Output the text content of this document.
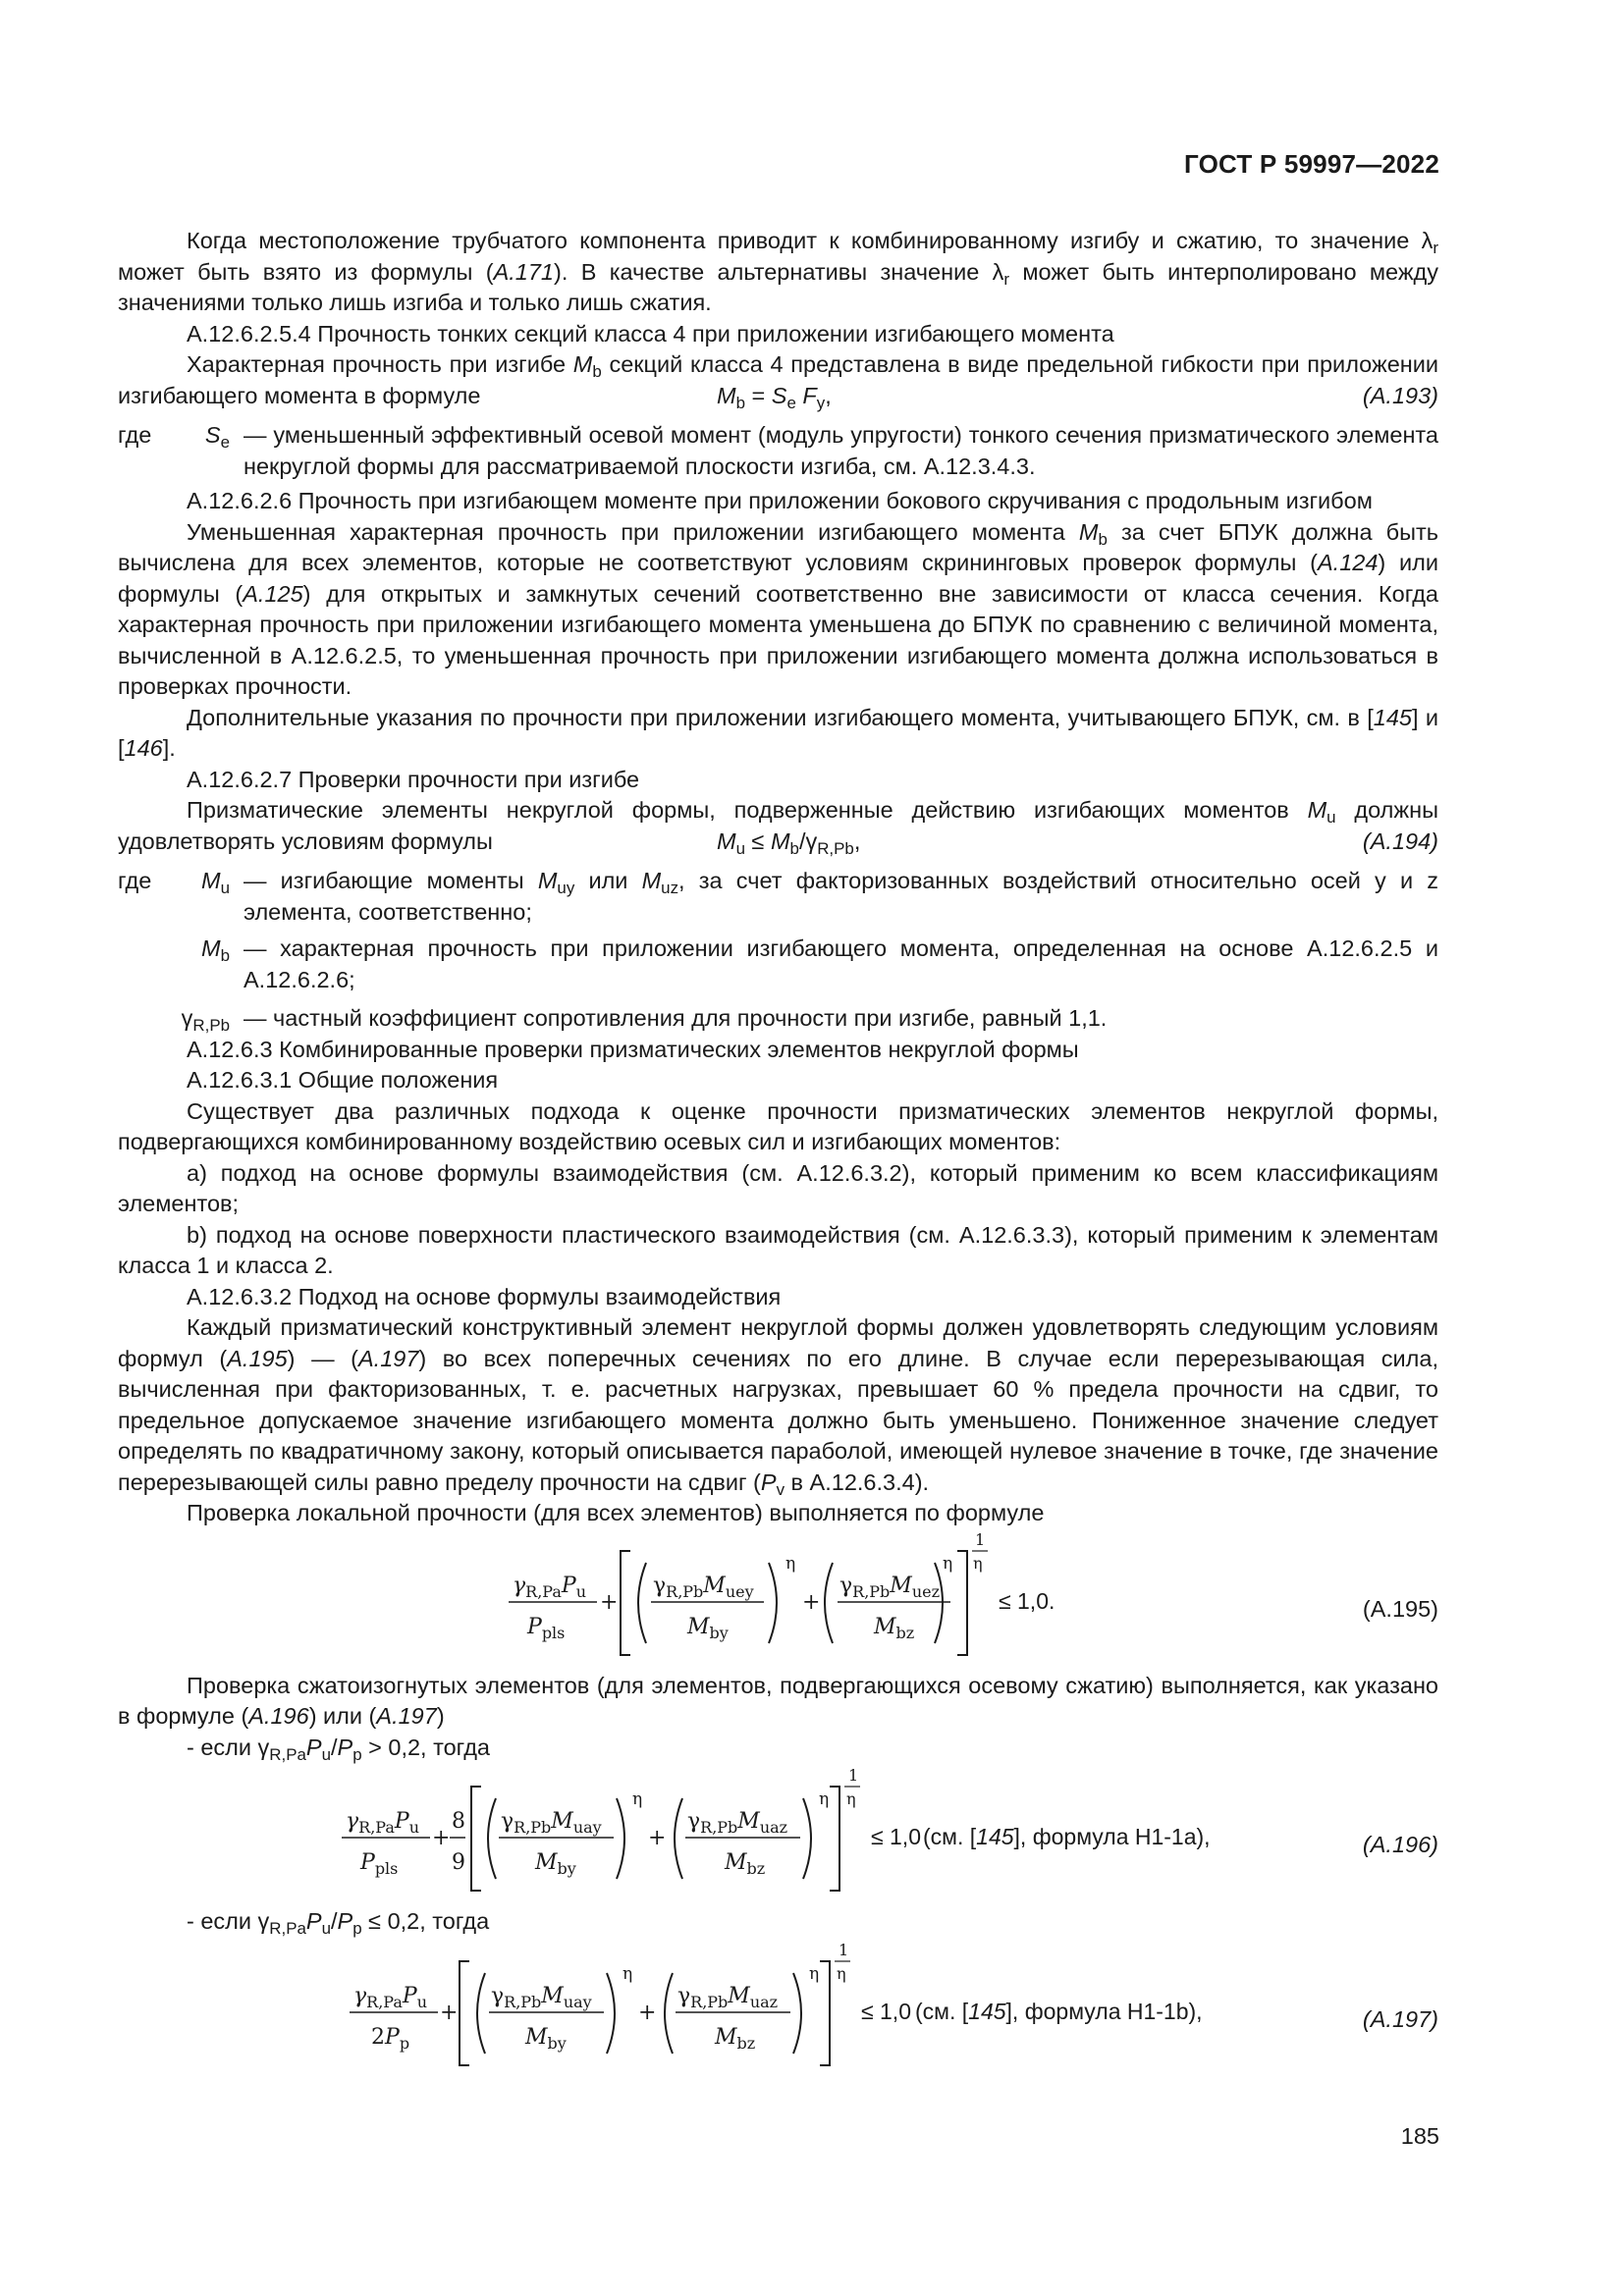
ГОСТ Р 59997—2022

Когда местоположение трубчатого компонента приводит к комбинированному изгибу и сжатию, то значение $\lambda_r$ может быть взято из формулы (A.171). В качестве альтернативы значение $\lambda_r$ может быть интерполировано между значениями только лишь изгиба и только лишь сжатия.

А.12.6.2.5.4 Прочность тонких секций класса 4 при приложении изгибающего момента

Характерная прочность при изгибе $M_b$ секций класса 4 представлена в виде предельной гибкости при приложении изгибающего момента в формуле	$M_b = S_e$ $F_y$,	(A.193)
где	$S_e$ — уменьшенный эффективный осевой момент (модуль упругости) тонкого сечения призматического элемента некруглой формы для рассматриваемой плоскости изгиба, см. А.12.3.4.3.

А.12.6.2.6 Прочность при изгибающем моменте при приложении бокового скручивания с продольным изгибом

Уменьшенная характерная прочность при приложении изгибающего момента $M_b$ за счет БПУК должна быть вычислена для всех элементов, которые не соответствуют условиям скрининговых проверок формулы (A.124) или формулы (A.125) для открытых и замкнутых сечений соответственно вне зависимости от класса сечения. Когда характерная прочность при приложении изгибающего момента уменьшена до БПУК по сравнению с величиной момента, вычисленной в А.12.6.2.5, то уменьшенная прочность при приложении изгибающего момента должна использоваться в проверках прочности.

Дополнительные указания по прочности при приложении изгибающего момента, учитывающего БПУК, см. в [145] и [146].

А.12.6.2.7 Проверки прочности при изгибе

Призматические элементы некруглой формы, подверженные действию изгибающих моментов $M_u$ должны удовлетворять условиям формулы	$M_u \le M_b/\gamma_{R,Pb}$,	(A.194)
где	$M_u$ — изгибающие моменты $M_{uy}$ или $M_{uz}$, за счет факторизованных воздействий относительно осей y и z элемента, соответственно;
$M_b$ — характерная прочность при приложении изгибающего момента, определенная на основе А.12.6.2.5 и А.12.6.2.6;
$\gamma_{R,Pb}$ — частный коэффициент сопротивления для прочности при изгибе, равный 1,1.

А.12.6.3 Комбинированные проверки призматических элементов некруглой формы

А.12.6.3.1 Общие положения

Существует два различных подхода к оценке прочности призматических элементов некруглой формы, подвергающихся комбинированному воздействию осевых сил и изгибающих моментов:

a) подход на основе формулы взаимодействия (см. А.12.6.3.2), который применим ко всем классификациям элементов;

b) подход на основе поверхности пластического взаимодействия (см. А.12.6.3.3), который применим к элементам класса 1 и класса 2.

А.12.6.3.2 Подход на основе формулы взаимодействия

Каждый призматический конструктивный элемент некруглой формы должен удовлетворять следующим условиям формул (A.195) — (A.197) во всех поперечных сечениях по его длине. В случае если перерезывающая сила, вычисленная при факторизованных, т. е. расчетных нагрузках, превышает 60 % предела прочности на сдвиг, то предельное допускаемое значение изгибающего момента должно быть уменьшено. Пониженное значение следует определять по квадратичному закону, который описывается параболой, имеющей нулевое значение в точке, где значение перерезывающей силы равно пределу прочности на сдвиг ($P_v$ в А.12.6.3.4).

Проверка локальной прочности (для всех элементов) выполняется по формуле

$\gamma_{R,Pa}P_u$
$P_{pls}$
+
$\gamma_{R,Pb}M_{uey}$
$M_{by}$
η
+
$\gamma_{R,Pb}M_{uez}$
$M_{bz}$
η
1
η
≤ 1,0.	(A.195)

Проверка сжатоизогнутых элементов (для элементов, подвергающихся осевому сжатию) выполняется, как указано в формуле (A.196) или (A.197)

- если $\gamma_{R,Pa}P_u/P_p > 0,2$, тогда

$\gamma_{R,Pa}P_u$
$P_{pls}$
+
8
9
$\gamma_{R,Pb}M_{uay}$
$M_{by}$
η
+
$\gamma_{R,Pb}M_{uaz}$
$M_{bz}$
η
1
η
≤ 1,0 (см. [145], формула H1-1a),	(A.196)

- если $\gamma_{R,Pa}P_u/P_p \le 0,2$, тогда

$\gamma_{R,Pa}P_u$
$2P_p$
+
$\gamma_{R,Pb}M_{uay}$
$M_{by}$
η
+
$\gamma_{R,Pb}M_{uaz}$
$M_{bz}$
η
1
η
≤ 1,0 (см. [145], формула H1-1b),	(A.197)
185
